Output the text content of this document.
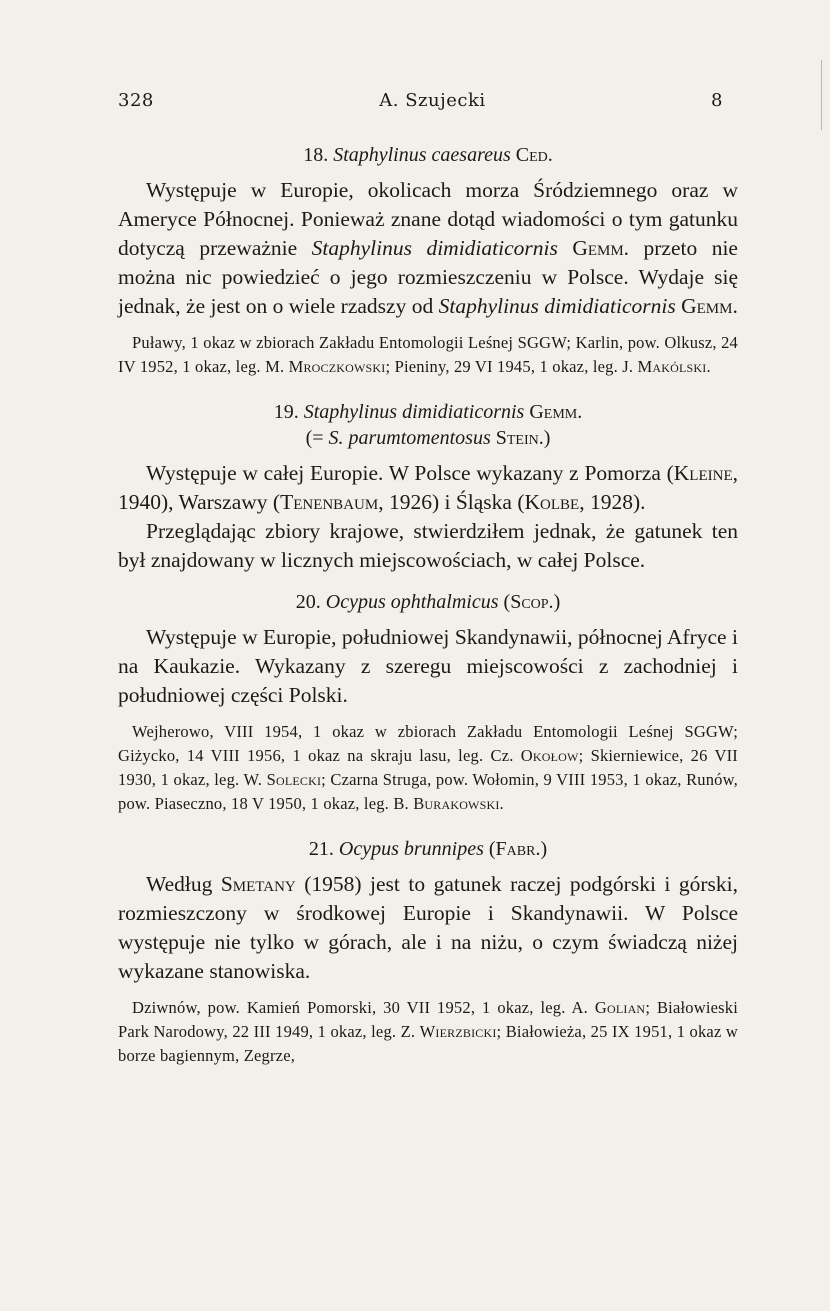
328	A. Szujecki	8
18. Staphylinus caesareus Ced.

Występuje w Europie, okolicach morza Śródziemnego oraz w Ameryce Północnej. Ponieważ znane dotąd wiadomości o tym gatunku dotyczą przeważnie Staphylinus dimidiaticornis Gemm. przeto nie można nic powiedzieć o jego rozmieszczeniu w Polsce. Wydaje się jednak, że jest on o wiele rzadszy od Staphylinus dimidiaticornis Gemm.

Puławy, 1 okaz w zbiorach Zakładu Entomologii Leśnej SGGW; Karlin, pow. Olkusz, 24 IV 1952, 1 okaz, leg. M. Mroczkowski; Pieniny, 29 VI 1945, 1 okaz, leg. J. Makólski.

19. Staphylinus dimidiaticornis Gemm.
(= S. parumtomentosus Stein.)

Występuje w całej Europie. W Polsce wykazany z Pomorza (Kleine, 1940), Warszawy (Tenenbaum, 1926) i Śląska (Kolbe, 1928).

Przeglądając zbiory krajowe, stwierdziłem jednak, że gatunek ten był znajdowany w licznych miejscowościach, w całej Polsce.

20. Ocypus ophthalmicus (Scop.)

Występuje w Europie, południowej Skandynawii, północnej Afryce i na Kaukazie. Wykazany z szeregu miejscowości z zachodniej i południowej części Polski.

Wejherowo, VIII 1954, 1 okaz w zbiorach Zakładu Entomologii Leśnej SGGW; Giżycko, 14 VIII 1956, 1 okaz na skraju lasu, leg. Cz. Okołow; Skierniewice, 26 VII 1930, 1 okaz, leg. W. Solecki; Czarna Struga, pow. Wołomin, 9 VIII 1953, 1 okaz, Runów, pow. Piaseczno, 18 V 1950, 1 okaz, leg. B. Burakowski.

21. Ocypus brunnipes (Fabr.)

Według Smetany (1958) jest to gatunek raczej podgórski i górski, rozmieszczony w środkowej Europie i Skandynawii. W Polsce występuje nie tylko w górach, ale i na niżu, o czym świadczą niżej wykazane stanowiska.

Dziwnów, pow. Kamień Pomorski, 30 VII 1952, 1 okaz, leg. A. Golian; Białowieski Park Narodowy, 22 III 1949, 1 okaz, leg. Z. Wierzbicki; Białowieża, 25 IX 1951, 1 okaz w borze bagiennym, Zegrze,
